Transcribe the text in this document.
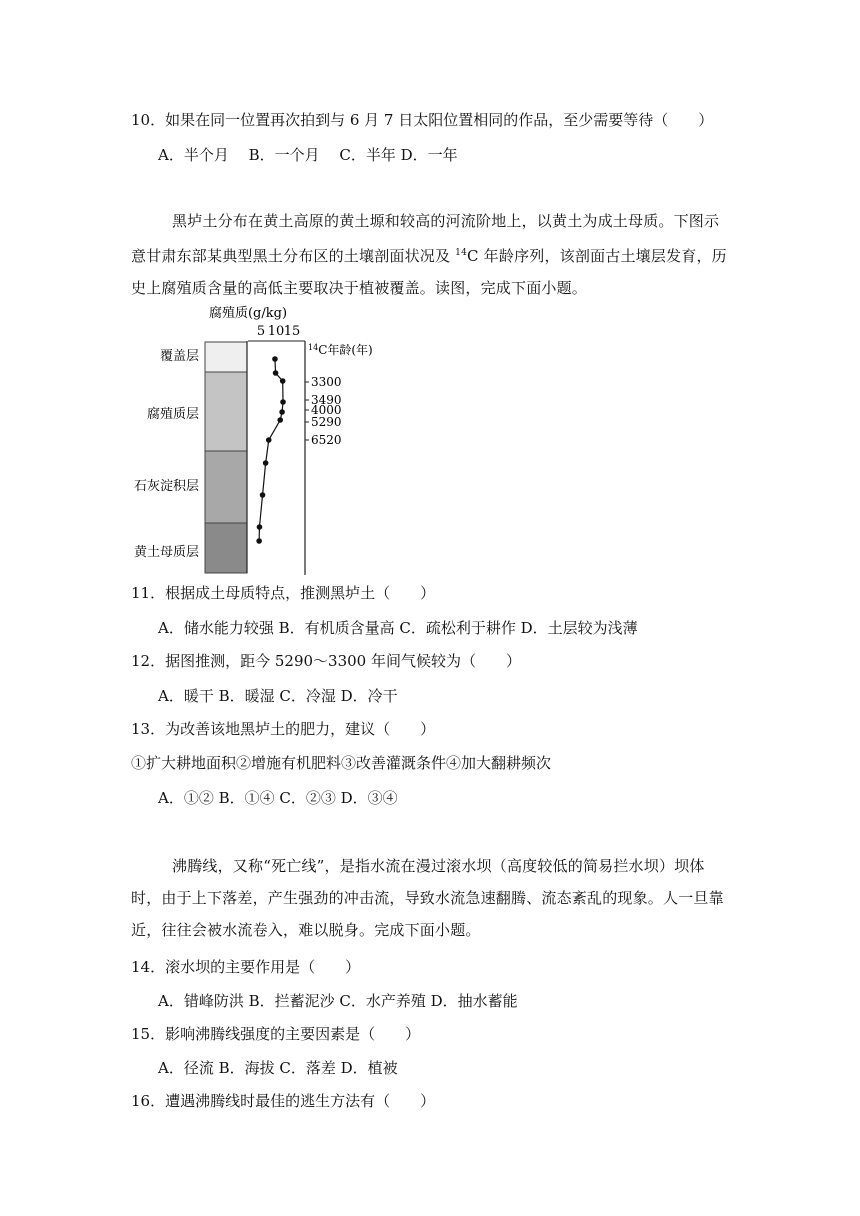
10．如果在同一位置再次拍到与 6 月 7 日太阳位置相同的作品，至少需要等待（　　）
A．半个月　 B．一个月　 C．半年 D．一年
黑垆土分布在黄土高原的黄土塬和较高的河流阶地上，以黄土为成土母质。下图示意甘肃东部某典型黑土分布区的土壤剖面状况及 $^{14}$C 年龄序列，该剖面古土壤层发育，历史上腐殖质含量的高低主要取决于植被覆盖。读图，完成下面小题。
腐殖质(g/kg)
5 10 15
$^{14}$C年龄(年)
3300
3490
4000
5290
6520
覆盖层
腐殖质层
石灰淀积层
黄土母质层
11．根据成土母质特点，推测黑垆土（　　）
A．储水能力较强 B．有机质含量高 C．疏松利于耕作 D．土层较为浅薄
12．据图推测，距今 5290～3300 年间气候较为（　　）
A．暖干 B．暖湿 C．冷湿 D．冷干
13．为改善该地黑垆土的肥力，建议（　　）
①扩大耕地面积②增施有机肥料③改善灌溉条件④加大翻耕频次
A．①② B．①④ C．②③ D．③④
沸腾线，又称“死亡线”，是指水流在漫过滚水坝（高度较低的简易拦水坝）坝体时，由于上下落差，产生强劲的冲击流，导致水流急速翻腾、流态紊乱的现象。人一旦靠近，往往会被水流卷入，难以脱身。完成下面小题。
14．滚水坝的主要作用是（　　）
A．错峰防洪 B．拦蓄泥沙 C．水产养殖 D．抽水蓄能
15．影响沸腾线强度的主要因素是（　　）
A．径流 B．海拔 C．落差 D．植被
16．遭遇沸腾线时最佳的逃生方法有（　　）
